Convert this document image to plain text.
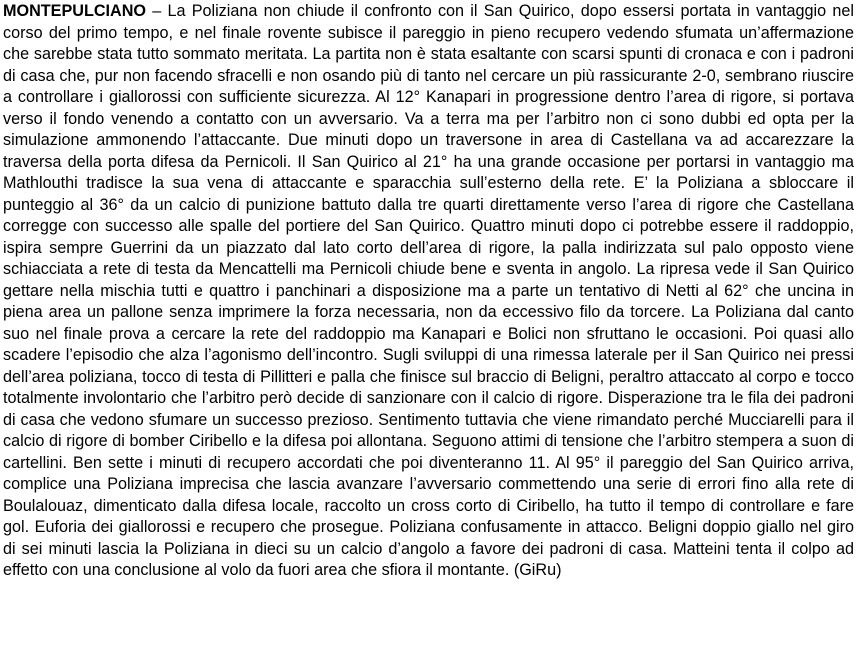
MONTEPULCIANO – La Poliziana non chiude il confronto con il San Quirico, dopo essersi portata in vantaggio nel corso del primo tempo, e nel finale rovente subisce il pareggio in pieno recupero vedendo sfumata un’affermazione che sarebbe stata tutto sommato meritata. La partita non è stata esaltante con scarsi spunti di cronaca e con i padroni di casa che, pur non facendo sfracelli e non osando più di tanto nel cercare un più rassicurante 2-0, sembrano riuscire a controllare i giallorossi con sufficiente sicurezza. Al 12° Kanapari in progressione dentro l’area di rigore, si portava verso il fondo venendo a contatto con un avversario. Va a terra ma per l’arbitro non ci sono dubbi ed opta per la simulazione ammonendo l’attaccante. Due minuti dopo un traversone in area di Castellana va ad accarezzare la traversa della porta difesa da Pernicoli. Il San Quirico al 21° ha una grande occasione per portarsi in vantaggio ma Mathlouthi tradisce la sua vena di attaccante e sparacchia sull’esterno della rete. E’ la Poliziana a sbloccare il punteggio al 36° da un calcio di punizione battuto dalla tre quarti direttamente verso l’area di rigore che Castellana corregge con successo alle spalle del portiere del San Quirico. Quattro minuti dopo ci potrebbe essere il raddoppio, ispira sempre Guerrini da un piazzato dal lato corto dell’area di rigore, la palla indirizzata sul palo opposto viene schiacciata a rete di testa da Mencattelli ma Pernicoli chiude bene e sventa in angolo. La ripresa vede il San Quirico gettare nella mischia tutti e quattro i panchinari a disposizione ma a parte un tentativo di Netti al 62° che uncina in piena area un pallone senza imprimere la forza necessaria, non da eccessivo filo da torcere. La Poliziana dal canto suo nel finale prova a cercare la rete del raddoppio ma Kanapari e Bolici non sfruttano le occasioni. Poi quasi allo scadere l’episodio che alza l’agonismo dell’incontro. Sugli sviluppi di una rimessa laterale per il San Quirico nei pressi dell’area poliziana, tocco di testa di Pillitteri e palla che finisce sul braccio di Beligni, peraltro attaccato al corpo e tocco totalmente involontario che l’arbitro però decide di sanzionare con il calcio di rigore. Disperazione tra le fila dei padroni di casa che vedono sfumare un successo prezioso. Sentimento tuttavia che viene rimandato perché Mucciarelli para il calcio di rigore di bomber Ciribello e la difesa poi allontana. Seguono attimi di tensione che l’arbitro stempera a suon di cartellini. Ben sette i minuti di recupero accordati che poi diventeranno 11. Al 95° il pareggio del San Quirico arriva, complice una Poliziana imprecisa che lascia avanzare l’avversario commettendo una serie di errori fino alla rete di Boulalouaz, dimenticato dalla difesa locale, raccolto un cross corto di Ciribello, ha tutto il tempo di controllare e fare gol. Euforia dei giallorossi e recupero che prosegue. Poliziana confusamente in attacco. Beligni doppio giallo nel giro di sei minuti lascia la Poliziana in dieci su un calcio d’angolo a favore dei padroni di casa. Matteini tenta il colpo ad effetto con una conclusione al volo da fuori area che sfiora il montante. (GiRu)
